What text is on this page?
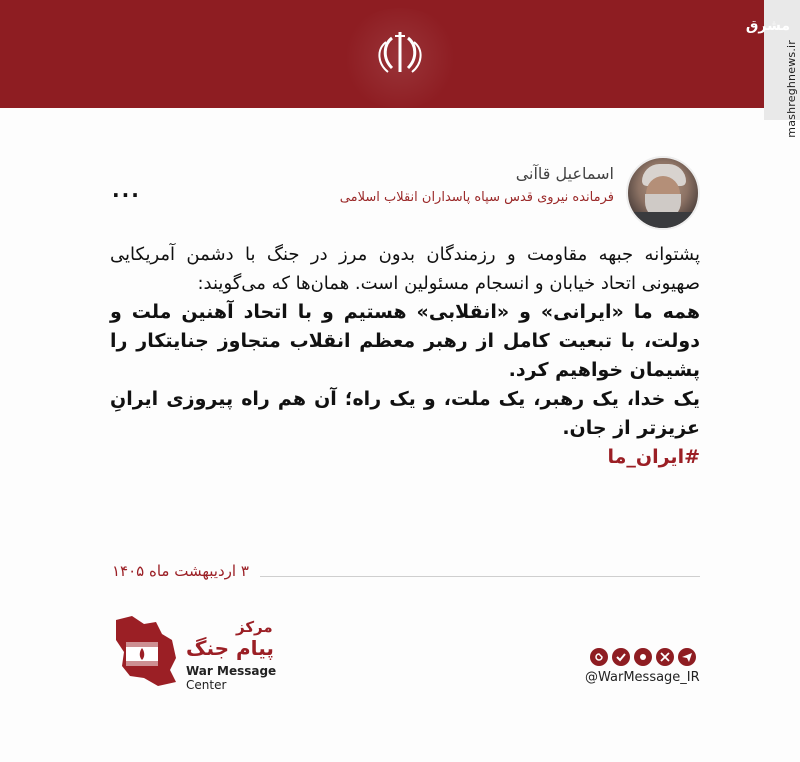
مشرق
mashreghnews.ir
اسماعیل قاآنی
فرمانده نیروی قدس سپاه پاسداران انقلاب اسلامی
...

پشتوانه جبهه مقاومت و رزمندگان بدون مرز در جنگ با دشمن آمریکایی صهیونی اتحاد خیابان و انسجام مسئولین است. همان‌ها که می‌گویند:

همه ما «ایرانی» و «انقلابی» هستیم و با اتحاد آهنین ملت و دولت، با تبعیت کامل از رهبر معظم انقلاب متجاوز جنایتکار را پشیمان خواهیم کرد.

یک خدا، یک رهبر، یک ملت، و یک راه؛ آن هم راه پیروزی ایرانِ عزیزتر از جان.

#ایران_ما

۳ اردیبهشت ماه ۱۴۰۵
مرکز
پیام جنگ
War Message
Center	@WarMessage_IR
